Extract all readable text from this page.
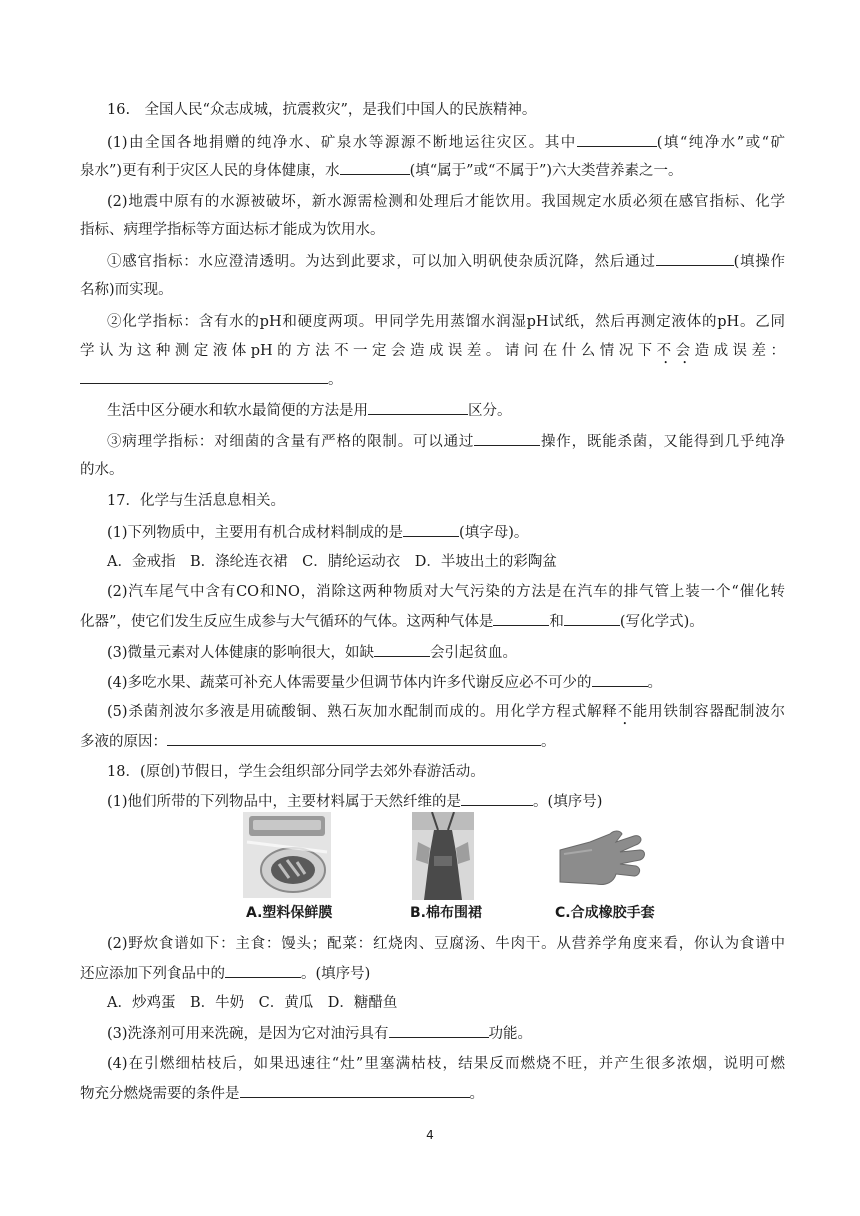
16.　全国人民“众志成城，抗震救灾”，是我们中国人的民族精神。
(1)由全国各地捐赠的纯净水、矿泉水等源源不断地运往灾区。其中	(填“纯净水”或“矿
泉水”)更有利于灾区人民的身体健康，水	(填“属于”或“不属于”)六大类营养素之一。
(2)地震中原有的水源被破坏，新水源需检测和处理后才能饮用。我国规定水质必须在感官指标、化学
指标、病理学指标等方面达标才能成为饮用水。
①感官指标：水应澄清透明。为达到此要求，可以加入明矾使杂质沉降，然后通过	(填操作
名称)而实现。
②化学指标：含有水的pH和硬度两项。甲同学先用蒸馏水润湿pH试纸，然后再测定液体的pH。乙同
学认为这种测定液体pH的方法不一定会造成误差。请问在什么情况下不会造成误差：
。
生活中区分硬水和软水最简便的方法是用	区分。
③病理学指标：对细菌的含量有严格的限制。可以通过	操作，既能杀菌，又能得到几乎纯净
的水。
17．化学与生活息息相关。
(1)下列物质中，主要用有机合成材料制成的是	(填字母)。
A．金戒指　B．涤纶连衣裙　C．腈纶运动衣　D．半坡出土的彩陶盆
(2)汽车尾气中含有CO和NO，消除这两种物质对大气污染的方法是在汽车的排气管上装一个“催化转
化器”，使它们发生反应生成参与大气循环的气体。这两种气体是	和	(写化学式)。
(3)微量元素对人体健康的影响很大，如缺	会引起贫血。
(4)多吃水果、蔬菜可补充人体需要量少但调节体内许多代谢反应必不可少的	。
(5)杀菌剂波尔多液是用硫酸铜、熟石灰加水配制而成的。用化学方程式解释不能用铁制容器配制波尔
多液的原因：	。
18．(原创)节假日，学生会组织部分同学去郊外春游活动。
(1)他们所带的下列物品中，主要材料属于天然纤维的是	。(填序号)
A.塑料保鲜膜	B.棉布围裙	C.合成橡胶手套
(2)野炊食谱如下：主食：馒头；配菜：红烧肉、豆腐汤、牛肉干。从营养学角度来看，你认为食谱中
还应添加下列食品中的	。(填序号)
A．炒鸡蛋　B．牛奶　C．黄瓜　D．糖醋鱼
(3)洗涤剂可用来洗碗，是因为它对油污具有	功能。
(4)在引燃细枯枝后，如果迅速往“灶”里塞满枯枝，结果反而燃烧不旺，并产生很多浓烟，说明可燃
物充分燃烧需要的条件是	。
4
